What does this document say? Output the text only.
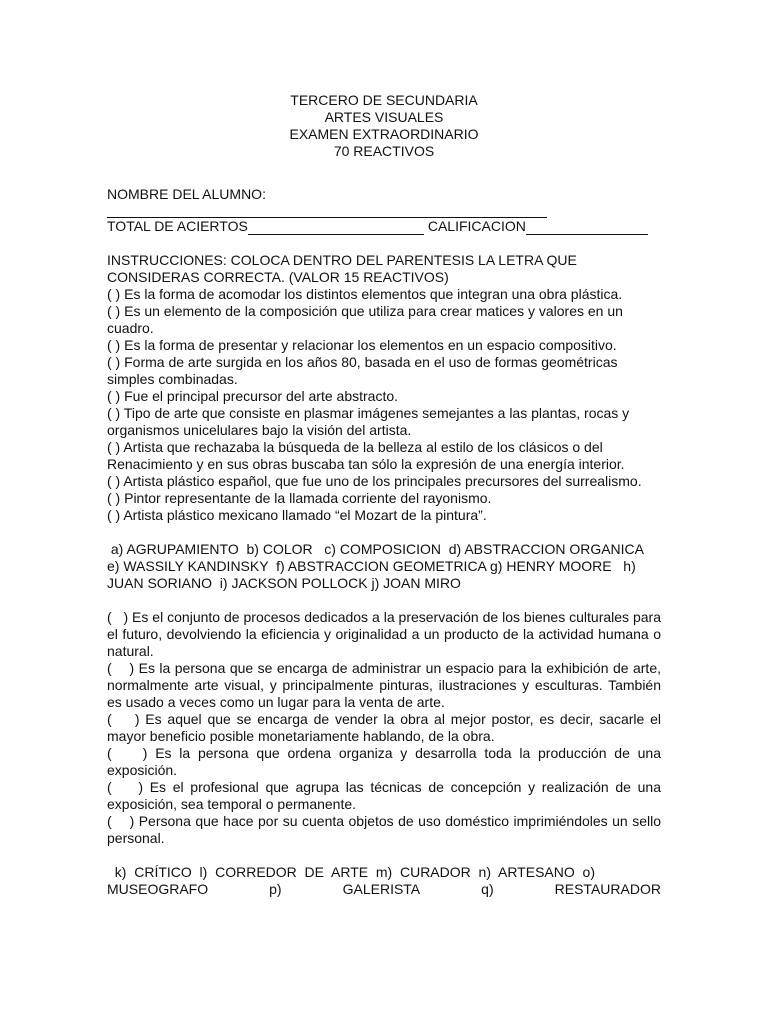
TERCERO DE SECUNDARIA
ARTES VISUALES
EXAMEN EXTRAORDINARIO
70 REACTIVOS
NOMBRE DEL ALUMNO:
TOTAL DE ACIERTOS	CALIFICACION
INSTRUCCIONES: COLOCA DENTRO DEL PARENTESIS LA LETRA QUE CONSIDERAS CORRECTA. (VALOR 15 REACTIVOS)
( ) Es la forma de acomodar los distintos elementos que integran una obra plástica.
( ) Es un elemento de la composición que utiliza para crear matices y valores en un cuadro.
( ) Es la forma de presentar y relacionar los elementos en un espacio compositivo.
( ) Forma de arte surgida en los años 80, basada en el uso de formas geométricas simples combinadas.
( ) Fue el principal precursor del arte abstracto.
( ) Tipo de arte que consiste en plasmar imágenes semejantes a las plantas, rocas y organismos unicelulares bajo la visión del artista.
( ) Artista que rechazaba la búsqueda de la belleza al estilo de los clásicos o del Renacimiento y en sus obras buscaba tan sólo la expresión de una energía interior.
( ) Artista plástico español, que fue uno de los principales precursores del surrealismo.
( ) Pintor representante de la llamada corriente del rayonismo.
( ) Artista plástico mexicano llamado “el Mozart de la pintura”.
a) AGRUPAMIENTO  b) COLOR   c) COMPOSICION  d) ABSTRACCION ORGANICA
e) WASSILY KANDINSKY  f) ABSTRACCION GEOMETRICA g) HENRY MOORE   h)
JUAN SORIANO  i) JACKSON POLLOCK j) JOAN MIRO
(   ) Es el conjunto de procesos dedicados a la preservación de los bienes culturales para el futuro, devolviendo la eficiencia y originalidad a un producto de la actividad humana o natural.
(    ) Es la persona que se encarga de administrar un espacio para la exhibición de arte, normalmente arte visual, y principalmente pinturas, ilustraciones y esculturas. También es usado a veces como un lugar para la venta de arte.
(    ) Es aquel que se encarga de vender la obra al mejor postor, es decir, sacarle el mayor beneficio posible monetariamente hablando, de la obra.
(    ) Es la persona que ordena organiza y desarrolla toda la producción de una exposición.
(    ) Es el profesional que agrupa las técnicas de concepción y realización de una exposición, sea temporal o permanente.
(    ) Persona que hace por su cuenta objetos de uso doméstico imprimiéndoles un sello personal.
k)  CRÍTICO  l)  CORREDOR  DE  ARTE  m)  CURADOR  n)  ARTESANO  o)
MUSEOGRAFO	p)	GALERISTA	q)	RESTAURADOR
